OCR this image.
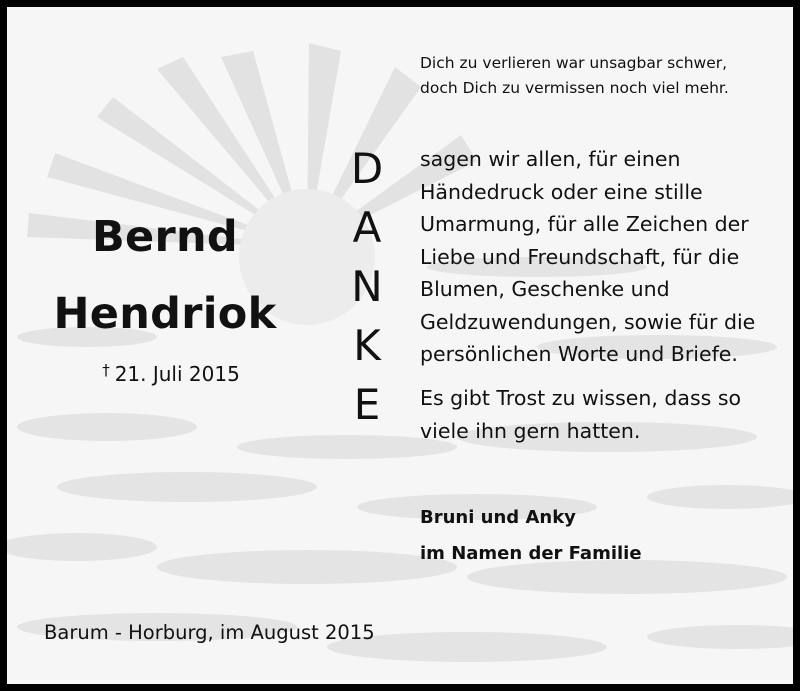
Bernd
Hendriok
† 21. Juli 2015
D
A
N
K
E
Dich zu verlieren war unsagbar schwer,
doch Dich zu vermissen noch viel mehr.
sagen wir allen, für einen
Händedruck oder eine stille
Umarmung, für alle Zeichen der
Liebe und Freundschaft, für die
Blumen, Geschenke und
Geldzuwendungen, sowie für die
persönlichen Worte und Briefe.
Es gibt Trost zu wissen, dass so
viele ihn gern hatten.
Bruni und Anky
im Namen der Familie
Barum - Horburg, im August 2015
